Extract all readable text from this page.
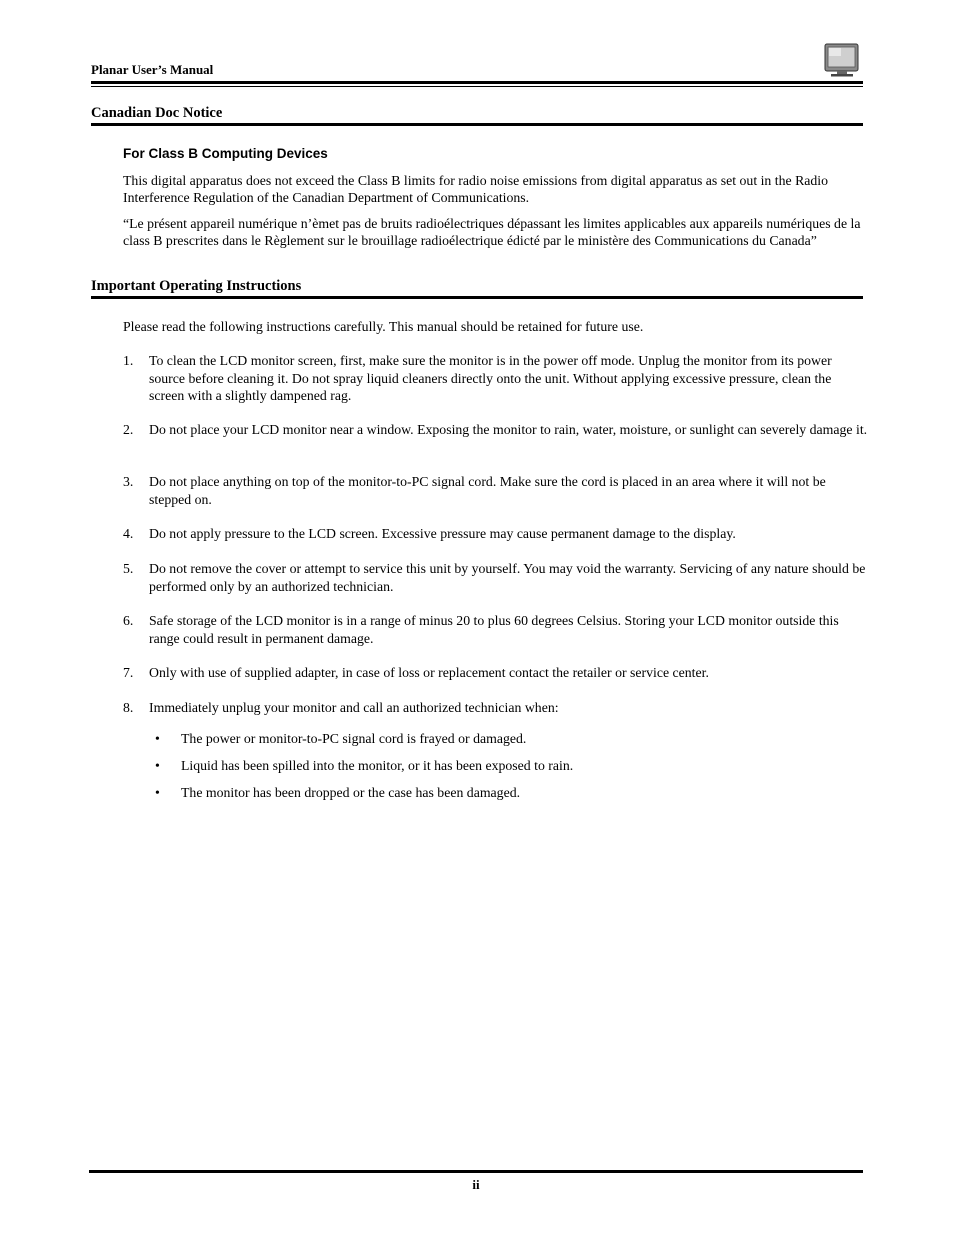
Planar User’s Manual
Canadian Doc Notice
For Class B Computing Devices
This digital apparatus does not exceed the Class B limits for radio noise emissions from digital apparatus as set out in the Radio Interference Regulation of the Canadian Department of Communications.
“Le présent appareil numérique n’èmet pas de bruits radioélectriques dépassant les limites applicables aux appareils numériques de la class B prescrites dans le Règlement sur le brouillage radioélectrique édicté par le ministère des Communications du Canada”
Important Operating Instructions
Please read the following instructions carefully. This manual should be retained for future use.
1. To clean the LCD monitor screen, first, make sure the monitor is in the power off mode. Unplug the monitor from its power source before cleaning it. Do not spray liquid cleaners directly onto the unit. Without applying excessive pressure, clean the screen with a slightly dampened rag.
2. Do not place your LCD monitor near a window. Exposing the monitor to rain, water, moisture, or sunlight can severely damage it.
3. Do not place anything on top of the monitor-to-PC signal cord. Make sure the cord is placed in an area where it will not be stepped on.
4. Do not apply pressure to the LCD screen. Excessive pressure may cause permanent damage to the display.
5. Do not remove the cover or attempt to service this unit by yourself. You may void the warranty. Servicing of any nature should be performed only by an authorized technician.
6. Safe storage of the LCD monitor is in a range of minus 20 to plus 60 degrees Celsius. Storing your LCD monitor outside this range could result in permanent damage.
7. Only with use of supplied adapter, in case of loss or replacement contact the retailer or service center.
8. Immediately unplug your monitor and call an authorized technician when:
• The power or monitor-to-PC signal cord is frayed or damaged.
• Liquid has been spilled into the monitor, or it has been exposed to rain.
• The monitor has been dropped or the case has been damaged.
ii
